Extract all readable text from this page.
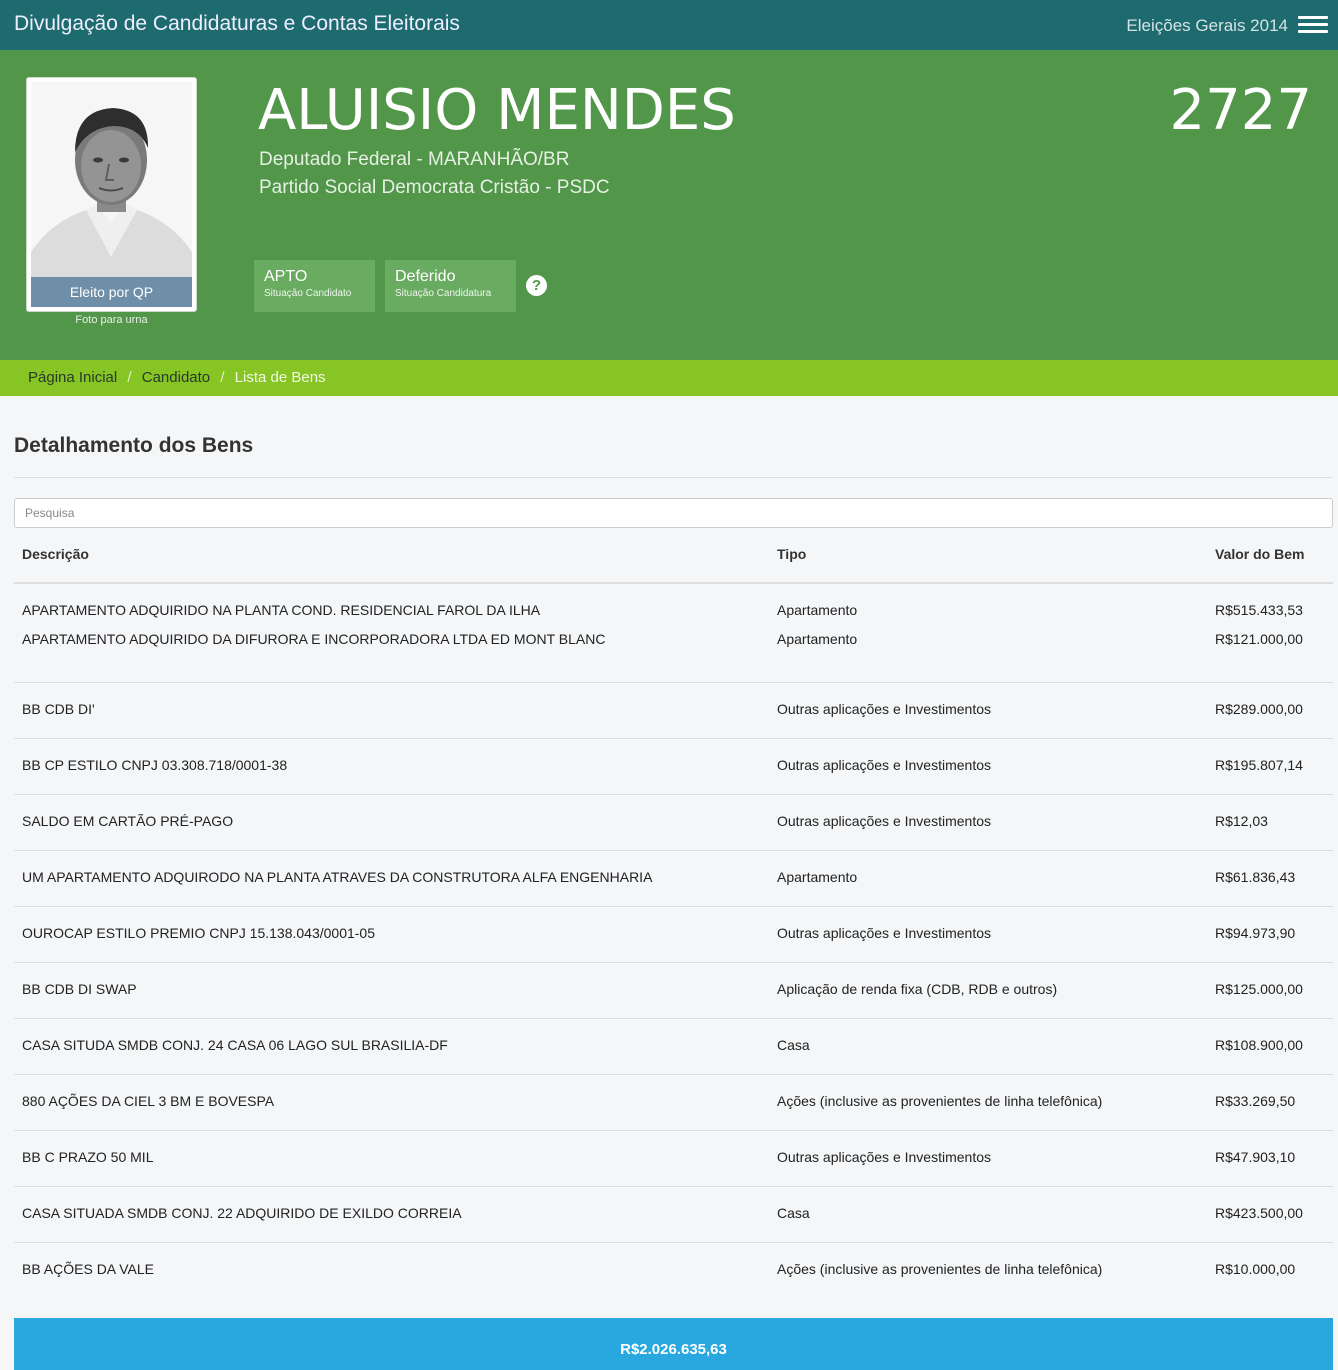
Divulgação de Candidaturas e Contas Eleitorais	Eleições Gerais 2014
Eleito por QP
Foto para urna
ALUISIO MENDES	2727
Deputado Federal - MARANHÃO/BR
Partido Social Democrata Cristão - PSDC
APTO
Situação Candidato
Deferido
Situação Candidatura	?
Página Inicial / Candidato / Lista de Bens
Detalhamento dos Bens
Pesquisa
Descrição	Tipo	Valor do Bem
APARTAMENTO ADQUIRIDO NA PLANTA COND. RESIDENCIAL FAROL DA ILHA	Apartamento	R$515.433,53
APARTAMENTO ADQUIRIDO DA DIFURORA E INCORPORADORA LTDA ED MONT BLANC	Apartamento	R$121.000,00
BB CDB DI'	Outras aplicações e Investimentos	R$289.000,00
BB CP ESTILO CNPJ 03.308.718/0001-38	Outras aplicações e Investimentos	R$195.807,14
SALDO EM CARTÃO PRÉ-PAGO	Outras aplicações e Investimentos	R$12,03
UM APARTAMENTO ADQUIRODO NA PLANTA ATRAVES DA CONSTRUTORA ALFA ENGENHARIA	Apartamento	R$61.836,43
OUROCAP ESTILO PREMIO CNPJ 15.138.043/0001-05	Outras aplicações e Investimentos	R$94.973,90
BB CDB DI SWAP	Aplicação de renda fixa (CDB, RDB e outros)	R$125.000,00
CASA SITUDA SMDB CONJ. 24 CASA 06 LAGO SUL BRASILIA-DF	Casa	R$108.900,00
880 AÇÕES DA CIEL 3 BM E BOVESPA	Ações (inclusive as provenientes de linha telefônica)	R$33.269,50
BB C PRAZO 50 MIL	Outras aplicações e Investimentos	R$47.903,10
CASA SITUADA SMDB CONJ. 22 ADQUIRIDO DE EXILDO CORREIA	Casa	R$423.500,00
BB AÇÕES DA VALE	Ações (inclusive as provenientes de linha telefônica)	R$10.000,00
R$2.026.635,63
